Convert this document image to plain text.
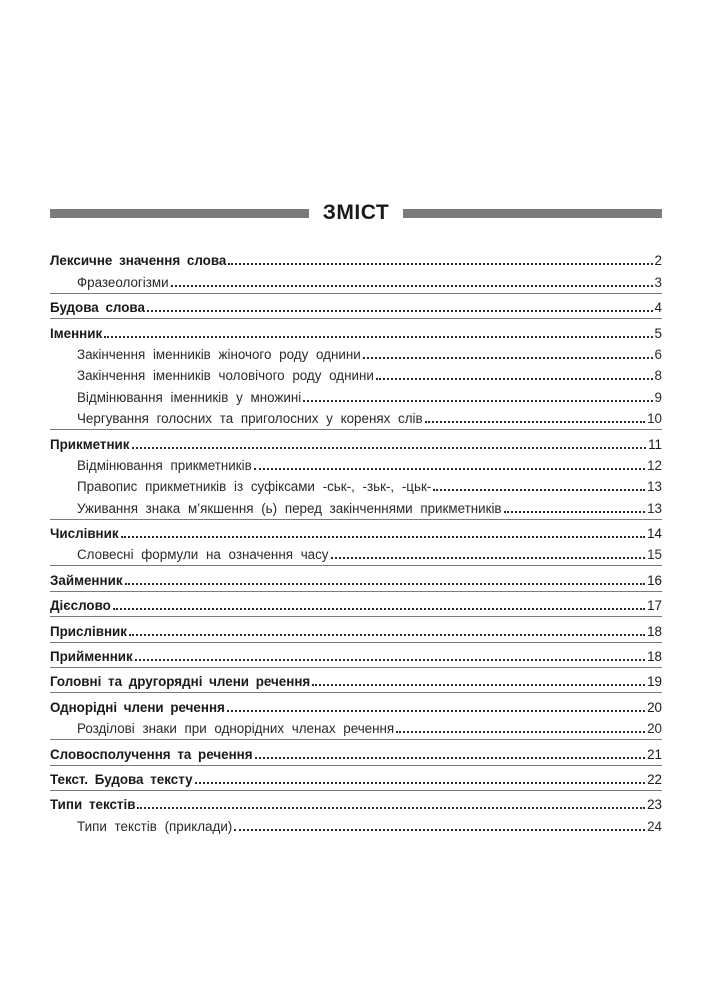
ЗМІСТ
Лексичне значення слова	2
Фразеологізми	3
Будова слова	4
Іменник	5
Закінчення іменників жіночого роду однини	6
Закінчення іменників чоловічого роду однини	8
Відмінювання іменників у множині	9
Чергування голосних та приголосних у коренях слів	10
Прикметник	11
Відмінювання прикметників	12
Правопис прикметників із суфіксами -ськ-, -зьк-, -цьк-	13
Уживання знака м’якшення (ь) перед закінченнями прикметників	13
Числівник	14
Словесні формули на означення часу	15
Займенник	16
Дієслово	17
Прислівник	18
Прийменник	18
Головні та другорядні члени речення	19
Однорідні члени речення	20
Розділові знаки при однорідних членах речення	20
Словосполучення та речення	21
Текст. Будова тексту	22
Типи текстів	23
Типи текстів (приклади)	24
